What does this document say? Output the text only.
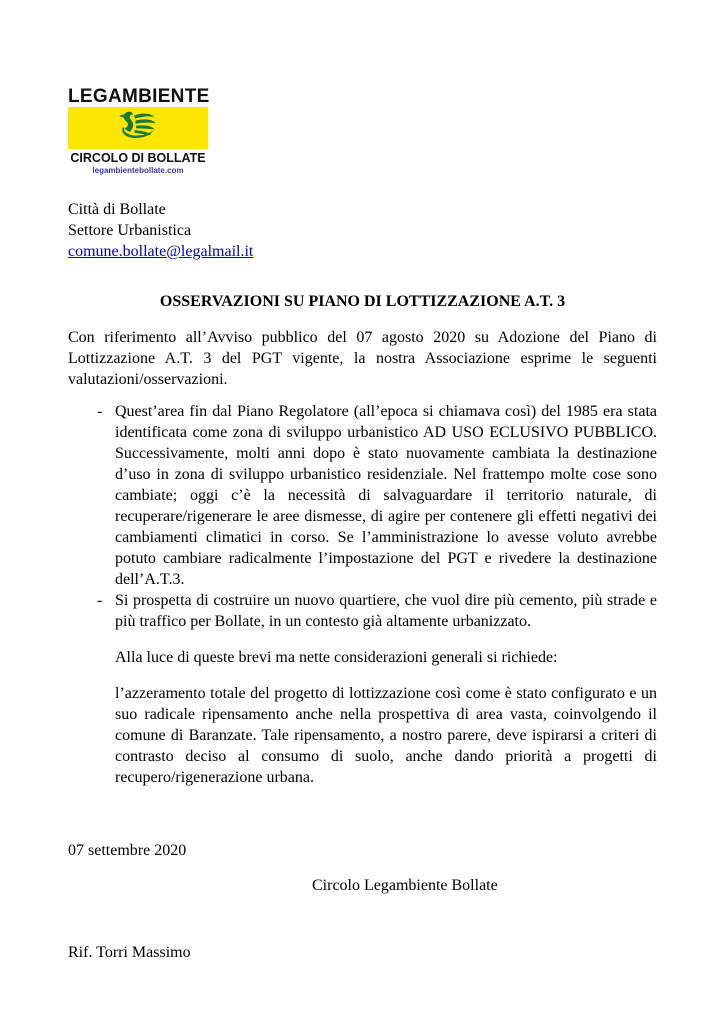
LEGAMBIENTE
CIRCOLO DI BOLLATE
legambientebollate.com
Città di Bollate
Settore Urbanistica
comune.bollate@legalmail.it
OSSERVAZIONI SU PIANO DI LOTTIZZAZIONE A.T. 3
Con riferimento all’Avviso pubblico del 07 agosto 2020 su Adozione del Piano di Lottizzazione A.T. 3 del PGT vigente, la nostra Associazione esprime le seguenti valutazioni/osservazioni.
- Quest’area fin dal Piano Regolatore (all’epoca si chiamava così) del 1985 era stata identificata come zona di sviluppo urbanistico AD USO ECLUSIVO PUBBLICO. Successivamente, molti anni dopo è stato nuovamente cambiata la destinazione d’uso in zona di sviluppo urbanistico residenziale. Nel frattempo molte cose sono cambiate; oggi c’è la necessità di salvaguardare il territorio naturale, di recuperare/rigenerare le aree dismesse, di agire per contenere gli effetti negativi dei cambiamenti climatici in corso. Se l’amministrazione lo avesse voluto avrebbe potuto cambiare radicalmente l’impostazione del PGT e rivedere la destinazione dell’A.T.3.
- Si prospetta di costruire un nuovo quartiere, che vuol dire più cemento, più strade e più traffico per Bollate, in un contesto già altamente urbanizzato.
Alla luce di queste brevi ma nette considerazioni generali si richiede:
l’azzeramento totale del progetto di lottizzazione così come è stato configurato e un suo radicale ripensamento anche nella prospettiva di area vasta, coinvolgendo il comune di Baranzate. Tale ripensamento, a nostro parere, deve ispirarsi a criteri di contrasto deciso al consumo di suolo, anche dando priorità a progetti di recupero/rigenerazione urbana.
07 settembre 2020
Circolo Legambiente Bollate
Rif. Torri Massimo
